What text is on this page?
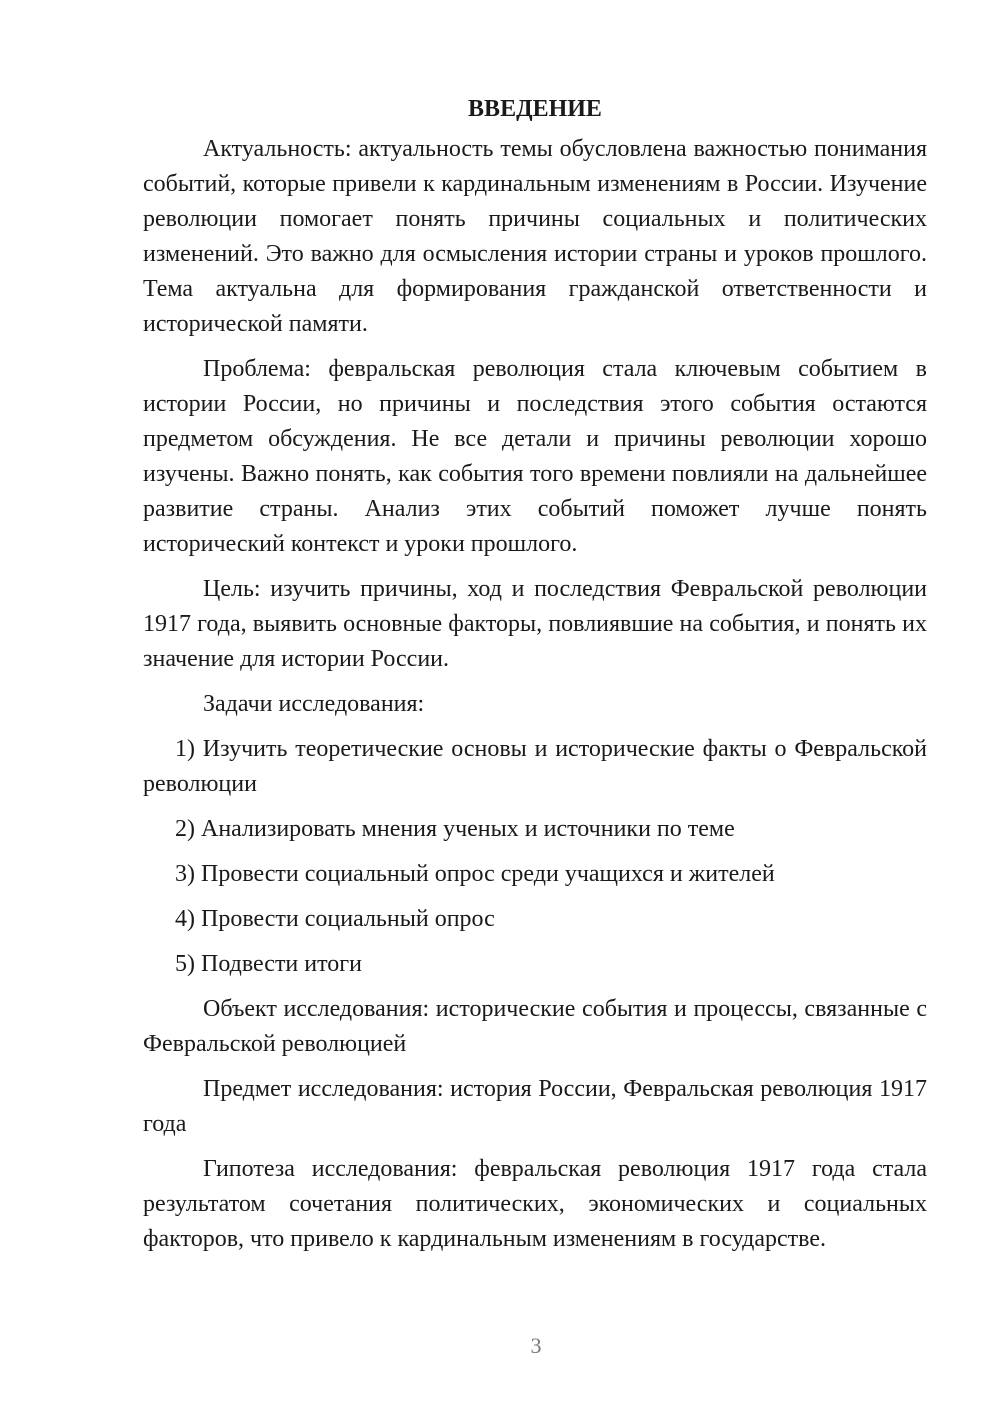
ВВЕДЕНИЕ

Актуальность: актуальность темы обусловлена важностью понимания событий, которые привели к кардинальным изменениям в России. Изучение революции помогает понять причины социальных и политических изменений. Это важно для осмысления истории страны и уроков прошлого. Тема актуальна для формирования гражданской ответственности и исторической памяти.

Проблема: февральская революция стала ключевым событием в истории России, но причины и последствия этого события остаются предметом обсуждения. Не все детали и причины революции хорошо изучены. Важно понять, как события того времени повлияли на дальнейшее развитие страны. Анализ этих событий поможет лучше понять исторический контекст и уроки прошлого.

Цель: изучить причины, ход и последствия Февральской революции 1917 года, выявить основные факторы, повлиявшие на события, и понять их значение для истории России.

Задачи исследования:

1) Изучить теоретические основы и исторические факты о Февральской революции

2) Анализировать мнения ученых и источники по теме

3) Провести социальный опрос среди учащихся и жителей

4) Провести социальный опрос

5) Подвести итоги

Объект исследования: исторические события и процессы, связанные с Февральской революцией

Предмет исследования: история России, Февральская революция 1917 года

Гипотеза исследования: февральская революция 1917 года стала результатом сочетания политических, экономических и социальных факторов, что привело к кардинальным изменениям в государстве.

3
